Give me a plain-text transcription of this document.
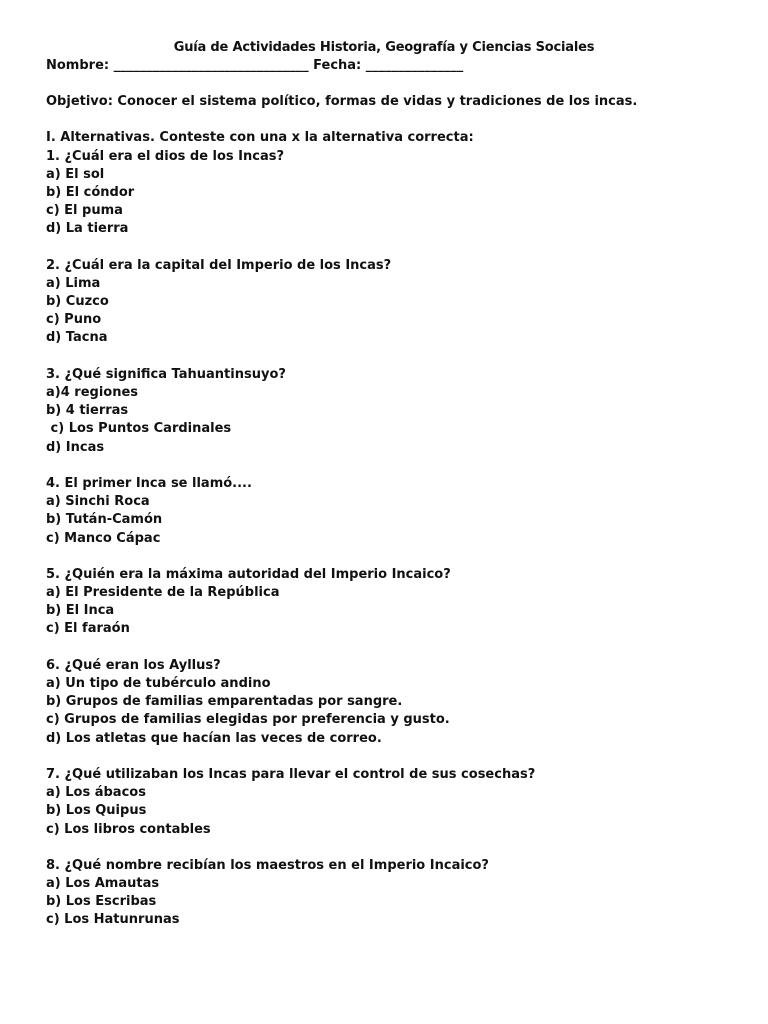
Guía de Actividades Historia, Geografía y Ciencias Sociales
Nombre: ______________________________ Fecha: _______________
Objetivo: Conocer el sistema político, formas de vidas y tradiciones de los incas.
I. Alternativas. Conteste con una x la alternativa correcta:
1. ¿Cuál era el dios de los Incas?
a) El sol
b) El cóndor
c) El puma
d) La tierra
2. ¿Cuál era la capital del Imperio de los Incas?
a) Lima
b) Cuzco
c) Puno
d) Tacna
3. ¿Qué significa Tahuantinsuyo?
a)4 regiones
b) 4 tierras
c) Los Puntos Cardinales
d) Incas
4. El primer Inca se llamó....
a) Sinchi Roca
b) Tután-Camón
c) Manco Cápac
5. ¿Quién era la máxima autoridad del Imperio Incaico?
a) El Presidente de la República
b) El Inca
c) El faraón
6. ¿Qué eran los Ayllus?
a) Un tipo de tubérculo andino
b) Grupos de familias emparentadas por sangre.
c) Grupos de familias elegidas por preferencia y gusto.
d) Los atletas que hacían las veces de correo.
7. ¿Qué utilizaban los Incas para llevar el control de sus cosechas?
a) Los ábacos
b) Los Quipus
c) Los libros contables
8. ¿Qué nombre recibían los maestros en el Imperio Incaico?
a) Los Amautas
b) Los Escribas
c) Los Hatunrunas
